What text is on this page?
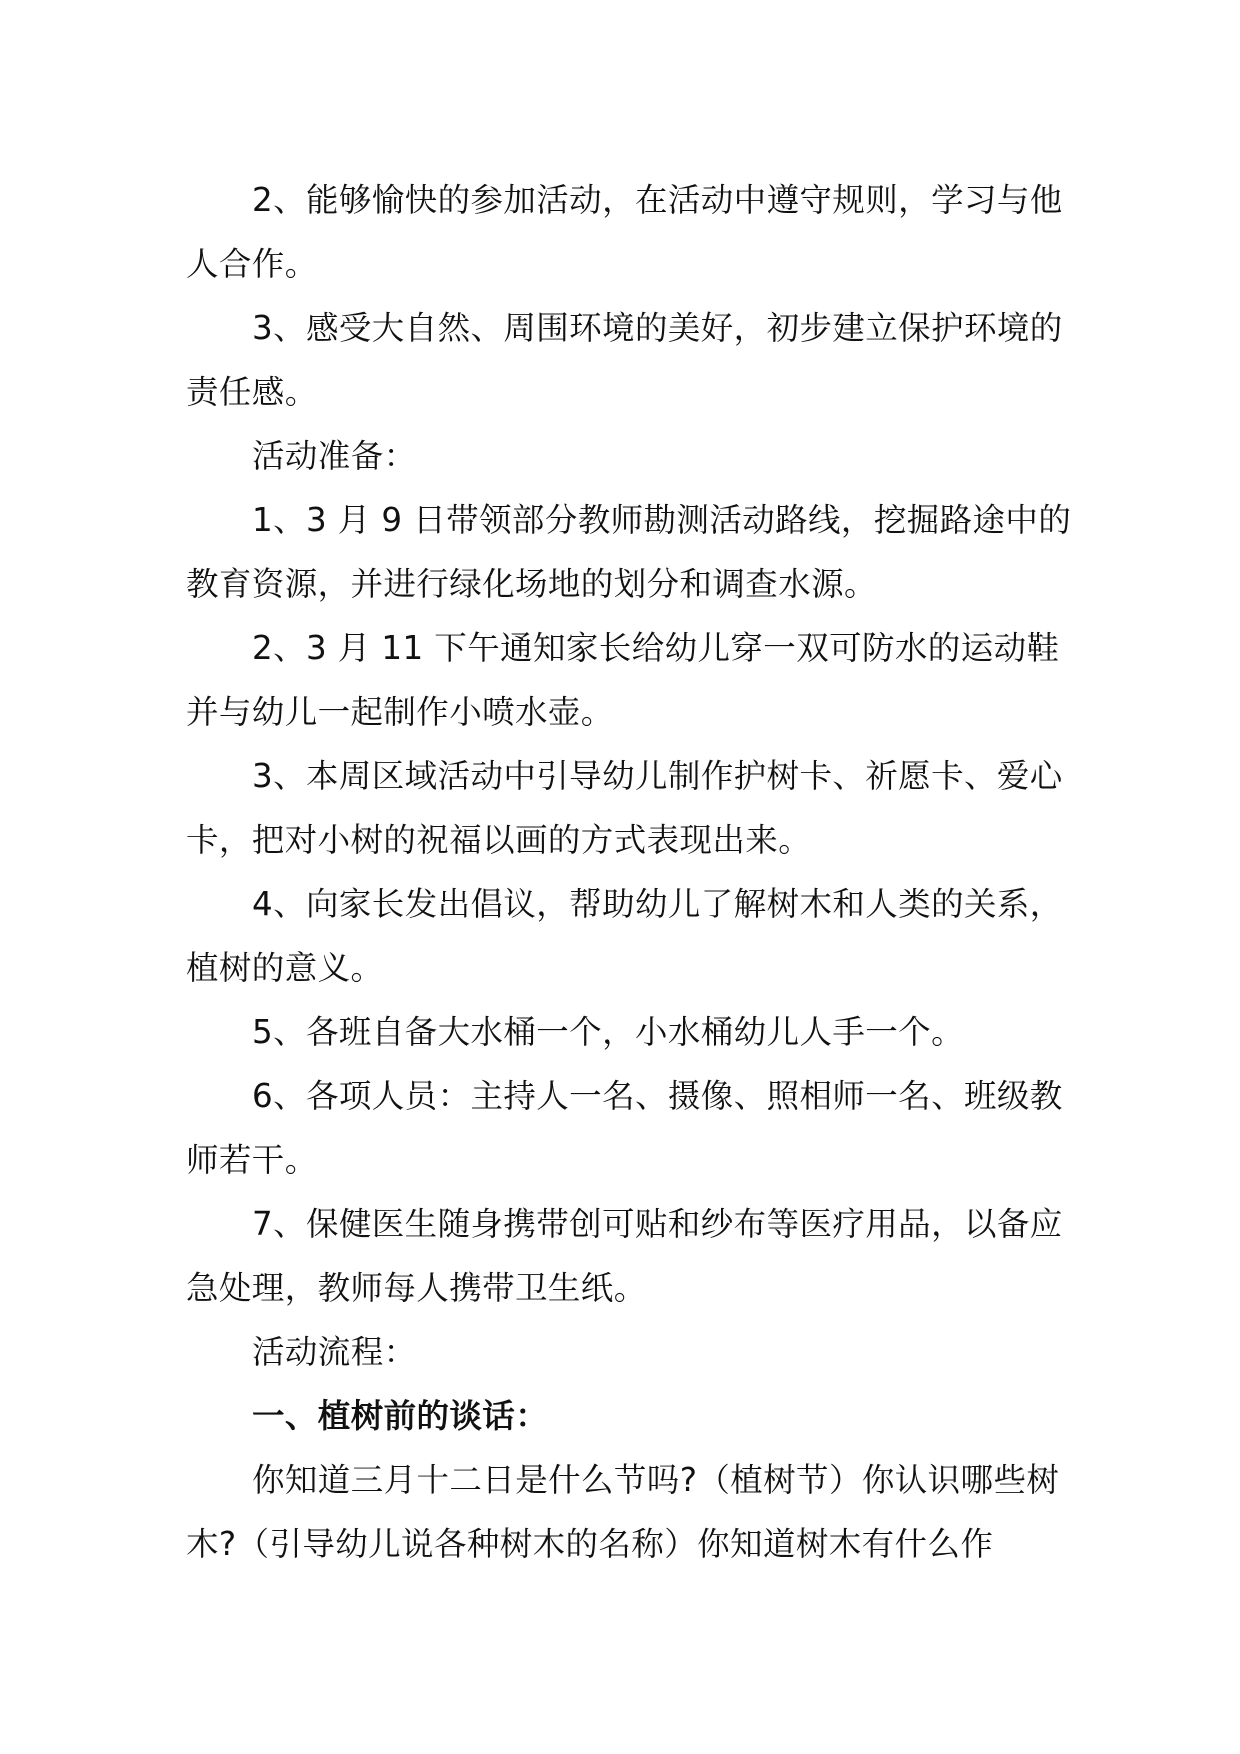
2、能够愉快的参加活动，在活动中遵守规则，学习与他人合作。

3、感受大自然、周围环境的美好，初步建立保护环境的责任感。

活动准备：

1、3 月 9 日带领部分教师勘测活动路线，挖掘路途中的教育资源，并进行绿化场地的划分和调查水源。

2、3 月 11 下午通知家长给幼儿穿一双可防水的运动鞋并与幼儿一起制作小喷水壶。

3、本周区域活动中引导幼儿制作护树卡、祈愿卡、爱心卡，把对小树的祝福以画的方式表现出来。

4、向家长发出倡议，帮助幼儿了解树木和人类的关系，植树的意义。

5、各班自备大水桶一个，小水桶幼儿人手一个。

6、各项人员：主持人一名、摄像、照相师一名、班级教师若干。

7、保健医生随身携带创可贴和纱布等医疗用品，以备应急处理，教师每人携带卫生纸。

活动流程：

一、植树前的谈话：

你知道三月十二日是什么节吗?（植树节）你认识哪些树木?（引导幼儿说各种树木的名称）你知道树木有什么作
